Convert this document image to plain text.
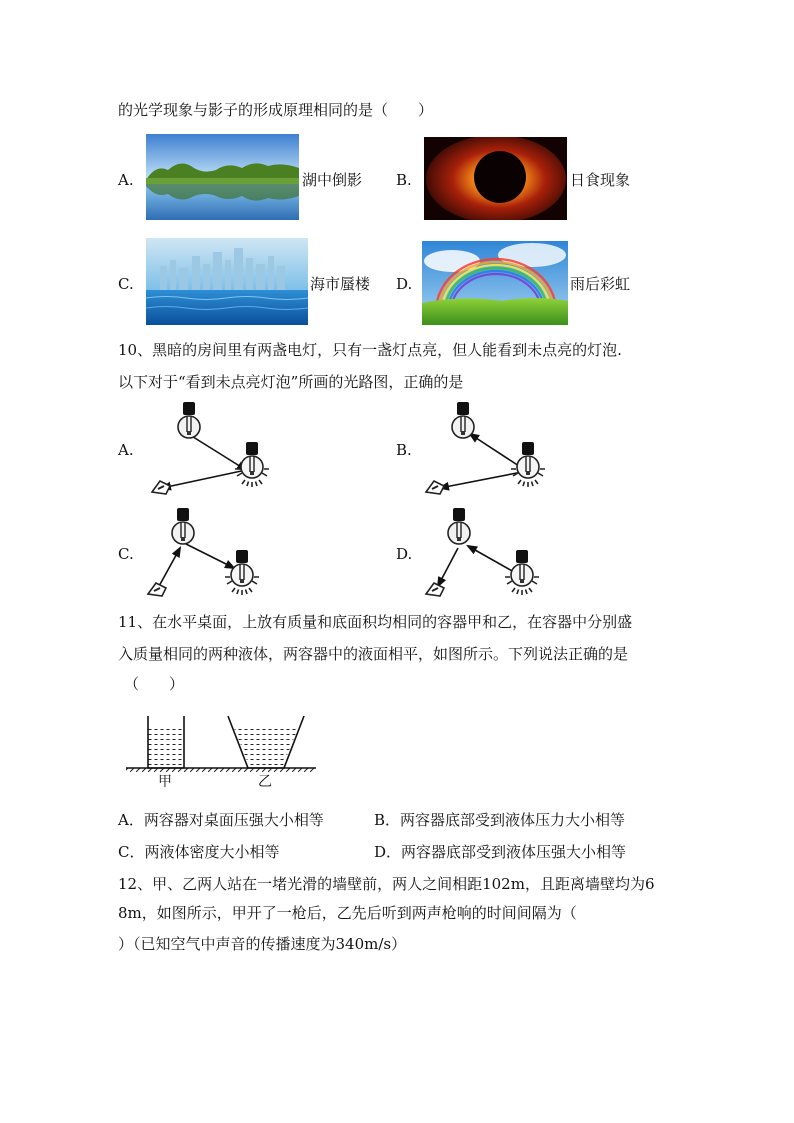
的光学现象与影子的形成原理相同的是（　　）
A.	湖中倒影 B.	日食现象
C.	海市蜃楼 D.	雨后彩虹
10、黑暗的房间里有两盏电灯，只有一盏灯点亮，但人能看到未点亮的灯泡.
以下对于“看到未点亮灯泡”所画的光路图，正确的是
A.	B.
C.	D.
11、在水平桌面，上放有质量和底面积均相同的容器甲和乙，在容器中分别盛
入质量相同的两种液体，两容器中的液面相平，如图所示。下列说法正确的是
（　　）
甲	乙
A．两容器对桌面压强大小相等	B．两容器底部受到液体压力大小相等
C．两液体密度大小相等	D．两容器底部受到液体压强大小相等
12、甲、乙两人站在一堵光滑的墙壁前，两人之间相距102m，且距离墙壁均为6
8m，如图所示，甲开了一枪后，乙先后听到两声枪响的时间间隔为（
）（已知空气中声音的传播速度为340m/s）
